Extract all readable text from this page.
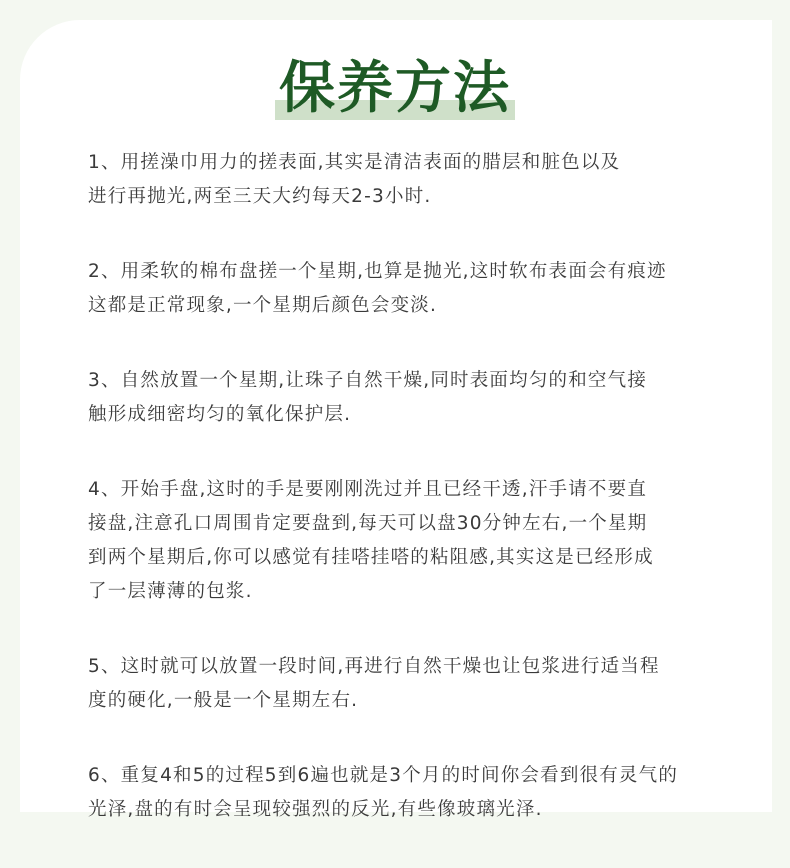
保养方法

1、用搓澡巾用力的搓表面,其实是清洁表面的腊层和脏色以及
进行再抛光,两至三天大约每天2-3小时.

2、用柔软的棉布盘搓一个星期,也算是抛光,这时软布表面会有痕迹
这都是正常现象,一个星期后颜色会变淡.

3、自然放置一个星期,让珠子自然干燥,同时表面均匀的和空气接
触形成细密均匀的氧化保护层.

4、开始手盘,这时的手是要刚刚洗过并且已经干透,汗手请不要直
接盘,注意孔口周围肯定要盘到,每天可以盘30分钟左右,一个星期
到两个星期后,你可以感觉有挂嗒挂嗒的粘阻感,其实这是已经形成
了一层薄薄的包浆.

5、这时就可以放置一段时间,再进行自然干燥也让包浆进行适当程
度的硬化,一般是一个星期左右.

6、重复4和5的过程5到6遍也就是3个月的时间你会看到很有灵气的
光泽,盘的有时会呈现较强烈的反光,有些像玻璃光泽.
